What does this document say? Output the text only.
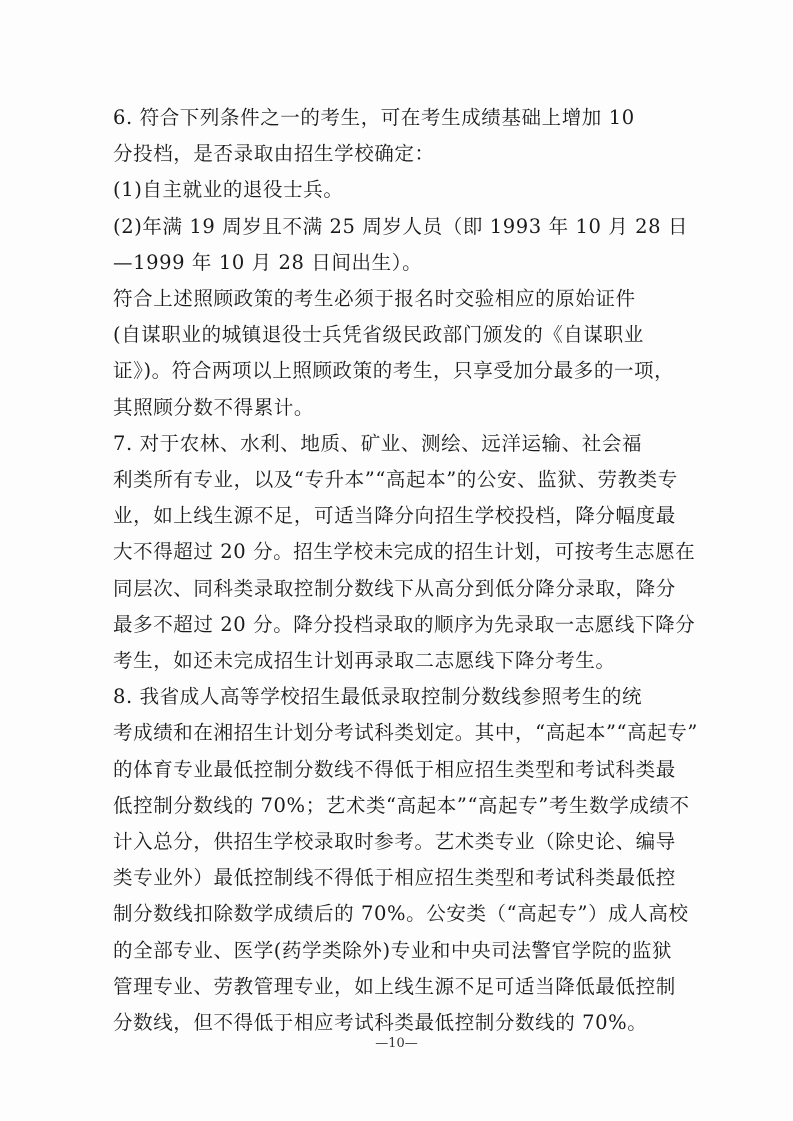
6. 符合下列条件之一的考生，可在考生成绩基础上增加 10
分投档，是否录取由招生学校确定：
(1)自主就业的退役士兵。
(2)年满 19 周岁且不满 25 周岁人员（即 1993 年 10 月 28 日
—1999 年 10 月 28 日间出生）。
符合上述照顾政策的考生必须于报名时交验相应的原始证件
(自谋职业的城镇退役士兵凭省级民政部门颁发的《自谋职业
证》)。符合两项以上照顾政策的考生，只享受加分最多的一项，
其照顾分数不得累计。
7. 对于农林、水利、地质、矿业、测绘、远洋运输、社会福
利类所有专业，以及“专升本”“高起本”的公安、监狱、劳教类专
业，如上线生源不足，可适当降分向招生学校投档，降分幅度最
大不得超过 20 分。招生学校未完成的招生计划，可按考生志愿在
同层次、同科类录取控制分数线下从高分到低分降分录取，降分
最多不超过 20 分。降分投档录取的顺序为先录取一志愿线下降分
考生，如还未完成招生计划再录取二志愿线下降分考生。
8. 我省成人高等学校招生最低录取控制分数线参照考生的统
考成绩和在湘招生计划分考试科类划定。其中，“高起本”“高起专”
的体育专业最低控制分数线不得低于相应招生类型和考试科类最
低控制分数线的 70%；艺术类“高起本”“高起专”考生数学成绩不
计入总分，供招生学校录取时参考。艺术类专业（除史论、编导
类专业外）最低控制线不得低于相应招生类型和考试科类最低控
制分数线扣除数学成绩后的 70%。公安类（“高起专”）成人高校
的全部专业、医学(药学类除外)专业和中央司法警官学院的监狱
管理专业、劳教管理专业，如上线生源不足可适当降低最低控制
分数线，但不得低于相应考试科类最低控制分数线的 70%。
—10—
